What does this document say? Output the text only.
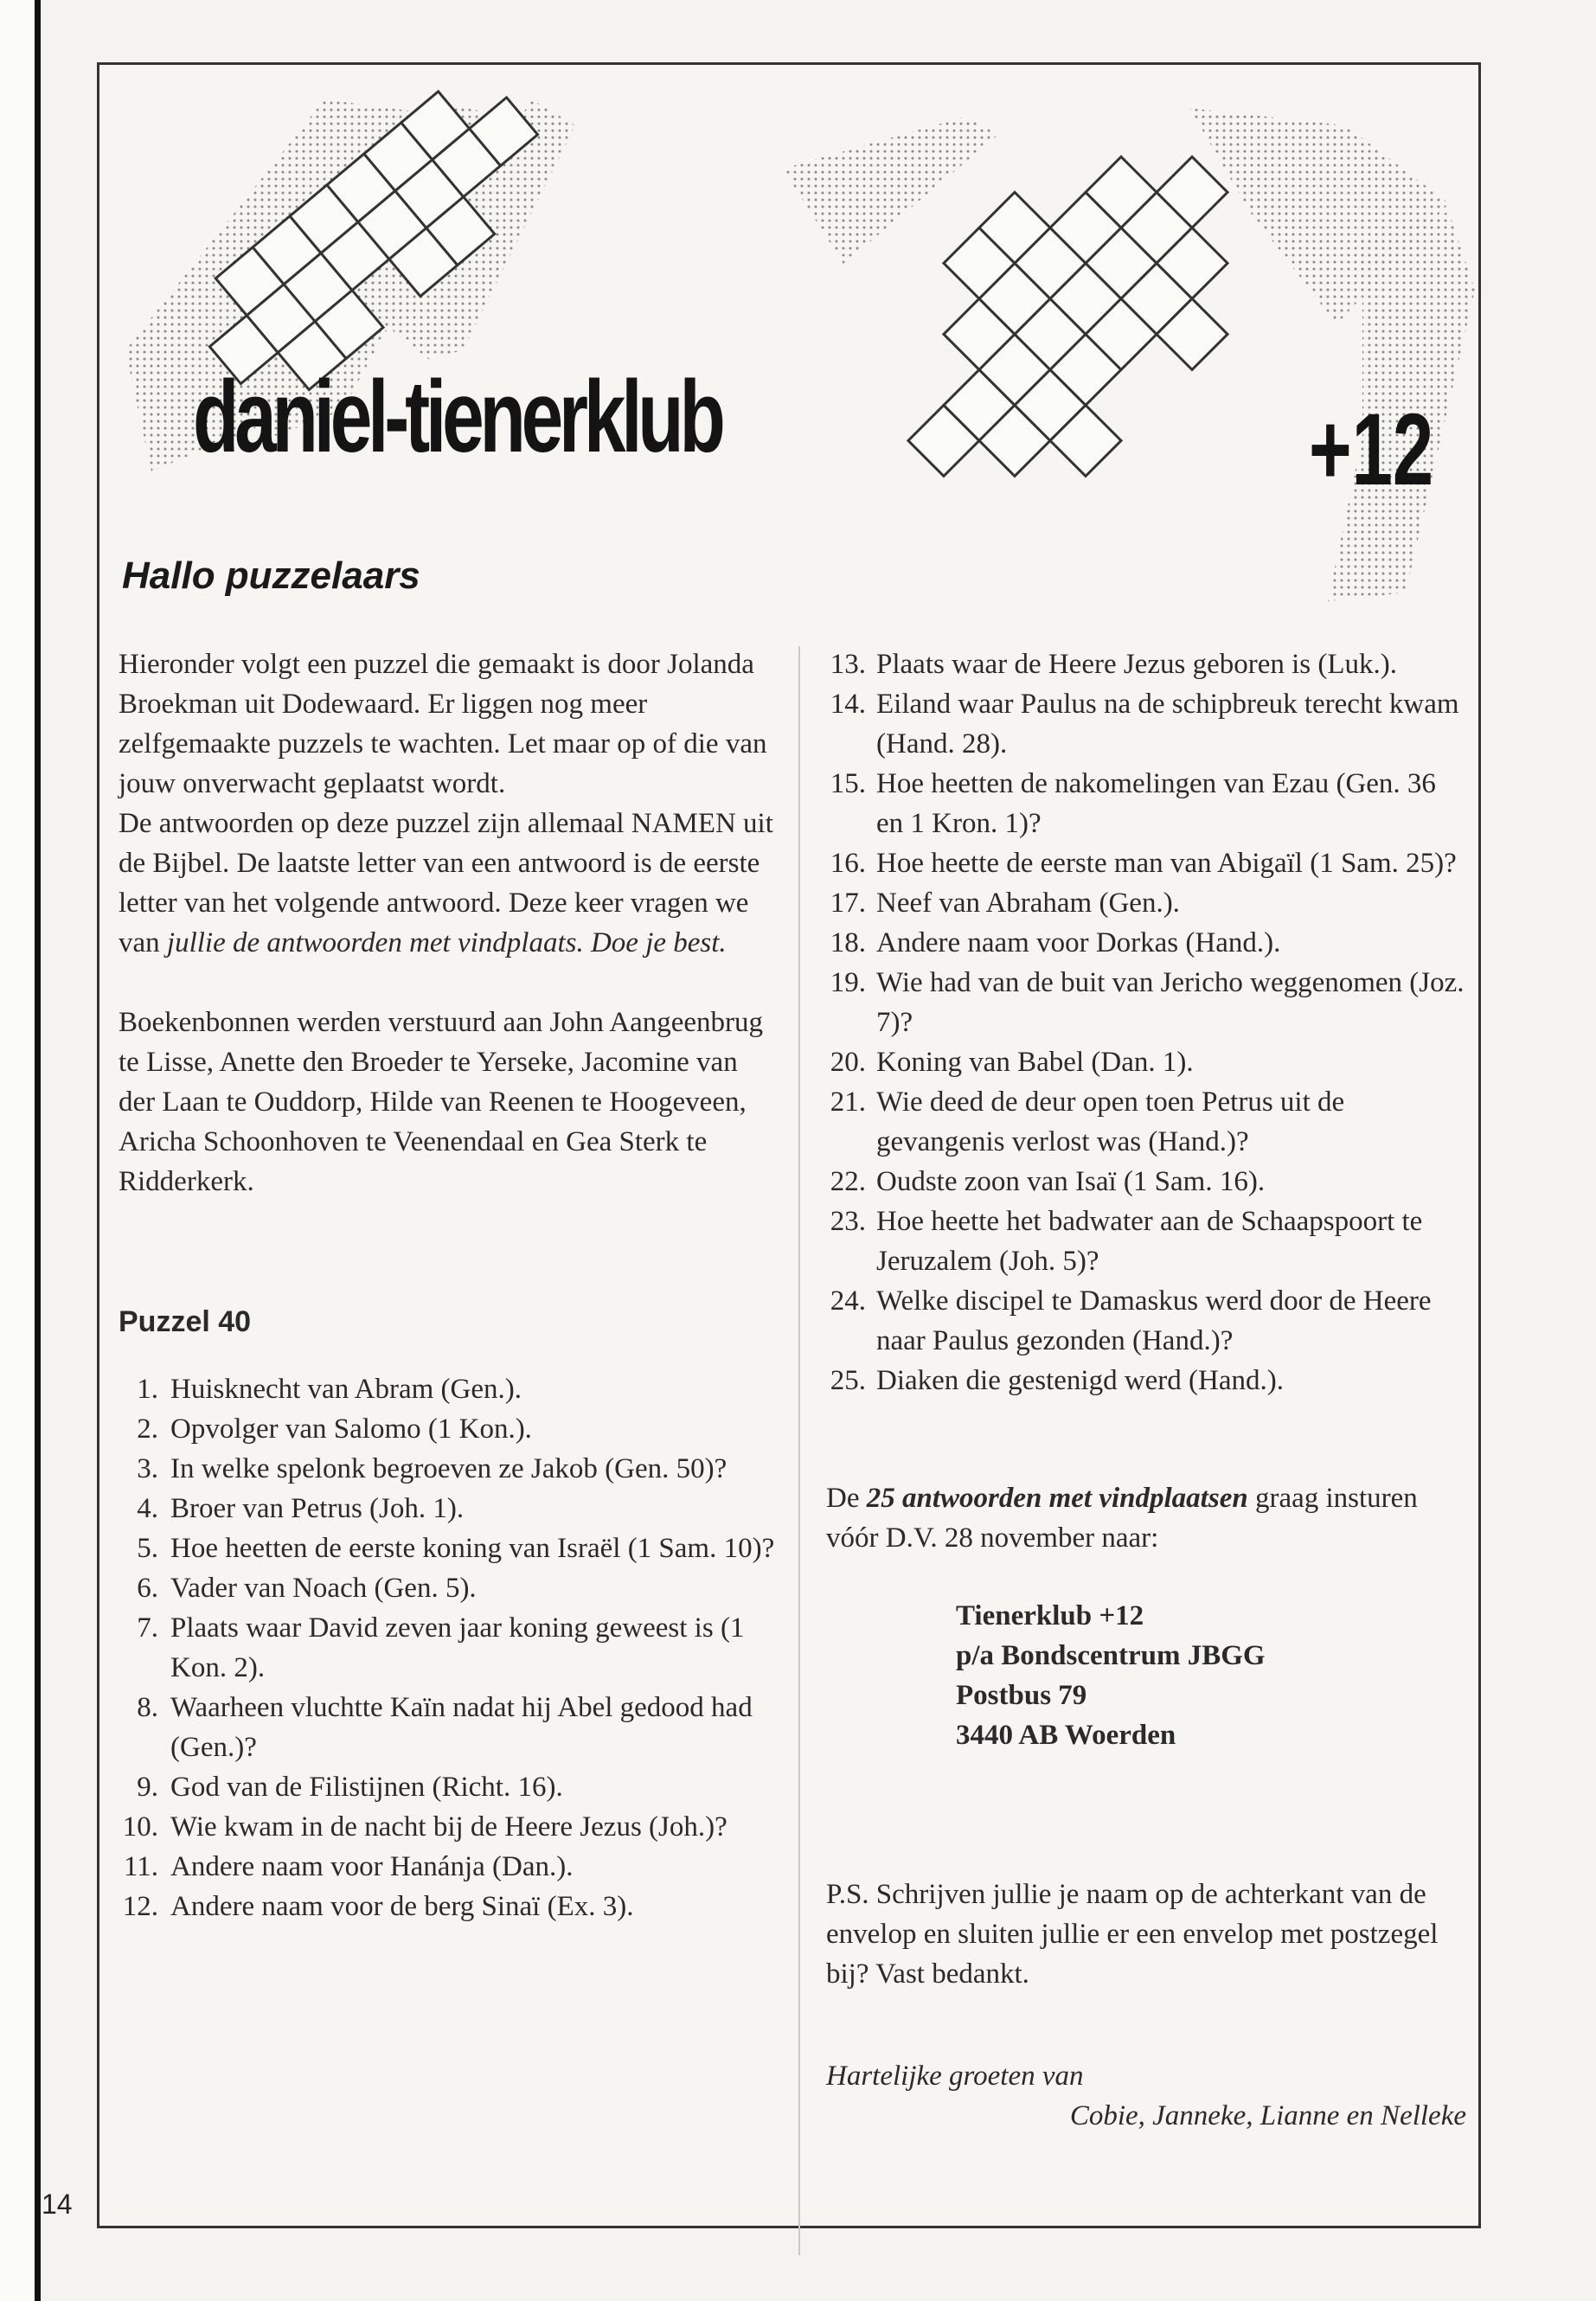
daniel-tienerklub	+12
Hallo puzzelaars

Hieronder volgt een puzzel die gemaakt is door Jolanda Broekman uit Dodewaard. Er liggen nog meer zelfgemaakte puzzels te wachten. Let maar op of die van jouw onverwacht geplaatst wordt.
De antwoorden op deze puzzel zijn allemaal NAMEN uit de Bijbel. De laatste letter van een antwoord is de eerste letter van het volgende antwoord. Deze keer vragen we van jullie de antwoorden met vindplaats. Doe je best.

Boekenbonnen werden verstuurd aan John Aangeenbrug te Lisse, Anette den Broeder te Yerseke, Jacomine van der Laan te Ouddorp, Hilde van Reenen te Hoogeveen, Aricha Schoonhoven te Veenendaal en Gea Sterk te Ridderkerk.

Puzzel 40
1. Huisknecht van Abram (Gen.).
2. Opvolger van Salomo (1 Kon.).
3. In welke spelonk begroeven ze Jakob (Gen. 50)?
4. Broer van Petrus (Joh. 1).
5. Hoe heetten de eerste koning van Israël (1 Sam. 10)?
6. Vader van Noach (Gen. 5).
7. Plaats waar David zeven jaar koning geweest is (1 Kon. 2).
8. Waarheen vluchtte Kaïn nadat hij Abel gedood had (Gen.)?
9. God van de Filistijnen (Richt. 16).
10. Wie kwam in de nacht bij de Heere Jezus (Joh.)?
11. Andere naam voor Hanánja (Dan.).
12. Andere naam voor de berg Sinaï (Ex. 3).
13. Plaats waar de Heere Jezus geboren is (Luk.).
14. Eiland waar Paulus na de schipbreuk terecht kwam (Hand. 28).
15. Hoe heetten de nakomelingen van Ezau (Gen. 36 en 1 Kron. 1)?
16. Hoe heette de eerste man van Abigaïl (1 Sam. 25)?
17. Neef van Abraham (Gen.).
18. Andere naam voor Dorkas (Hand.).
19. Wie had van de buit van Jericho weggenomen (Joz. 7)?
20. Koning van Babel (Dan. 1).
21. Wie deed de deur open toen Petrus uit de gevangenis verlost was (Hand.)?
22. Oudste zoon van Isaï (1 Sam. 16).
23. Hoe heette het badwater aan de Schaapspoort te Jeruzalem (Joh. 5)?
24. Welke discipel te Damaskus werd door de Heere naar Paulus gezonden (Hand.)?
25. Diaken die gestenigd werd (Hand.).

De 25 antwoorden met vindplaatsen graag insturen vóór D.V. 28 november naar:

Tienerklub +12
p/a Bondscentrum JBGG
Postbus 79
3440 AB Woerden

P.S. Schrijven jullie je naam op de achterkant van de envelop en sluiten jullie er een envelop met postzegel bij? Vast bedankt.

Hartelijke groeten van

Cobie, Janneke, Lianne en Nelleke

14
